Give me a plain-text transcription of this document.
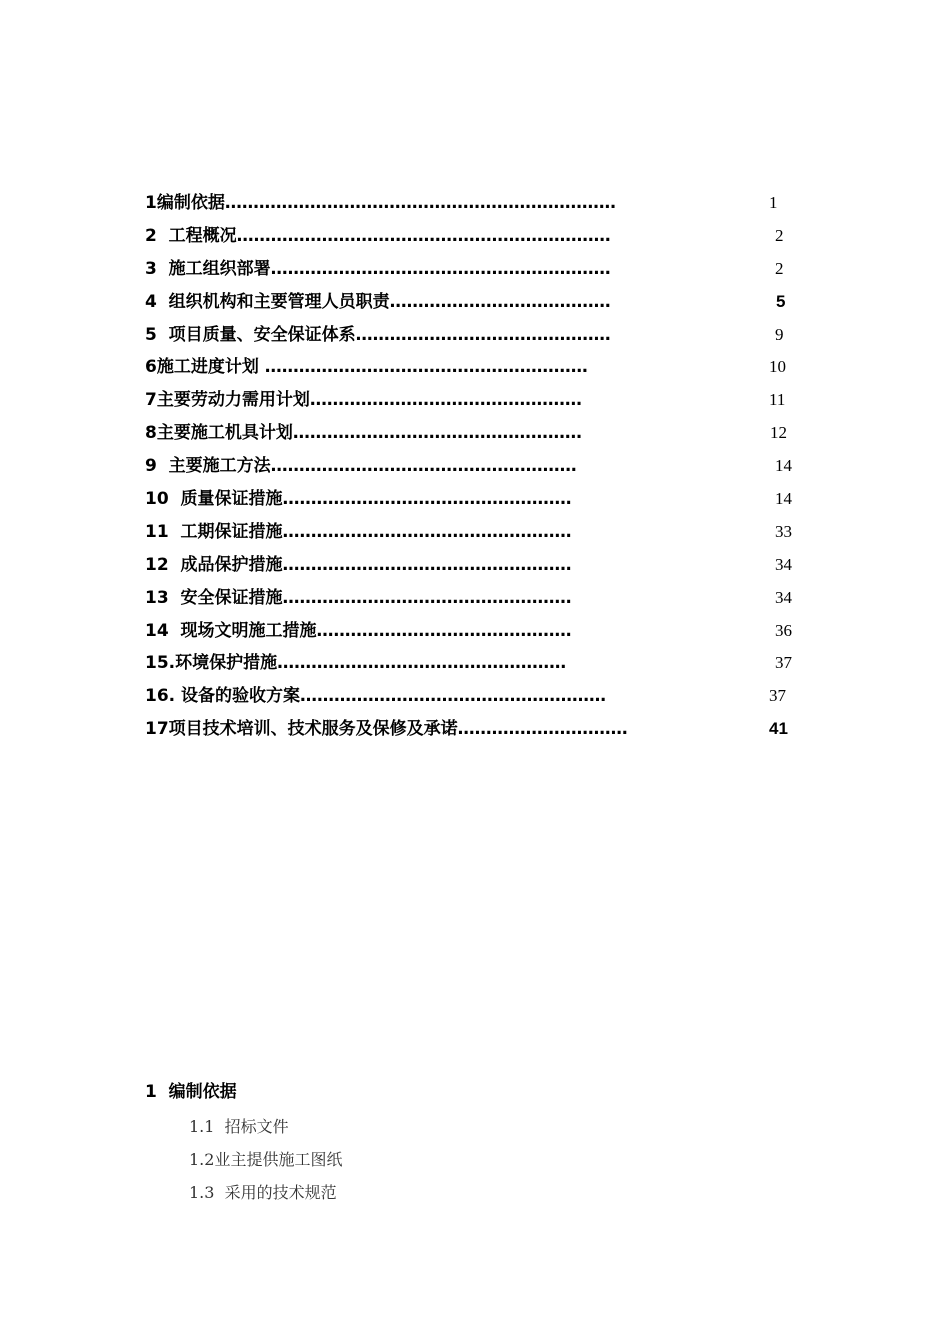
1编制依据……………………………………………………………	1
2  工程概况…………………………………………………………	2
3  施工组织部署……………………………………………………	2
4  组织机构和主要管理人员职责…………………………………	5
5  项目质量、安全保证体系………………………………………	9
6施工进度计划 …………………………………………………	10
7主要劳动力需用计划…………………………………………	11
8主要施工机具计划……………………………………………	12
9  主要施工方法………………………………………………	14
10  质量保证措施……………………………………………	14
11  工期保证措施……………………………………………	33
12  成品保护措施……………………………………………	34
13  安全保证措施……………………………………………	34
14  现场文明施工措施………………………………………	36
15.环境保护措施……………………………………………	37
16. 设备的验收方案………………………………………………	37
17项目技术培训、技术服务及保修及承诺…………………………	41
1  编制依据
1.1  招标文件
1.2业主提供施工图纸
1.3  采用的技术规范
